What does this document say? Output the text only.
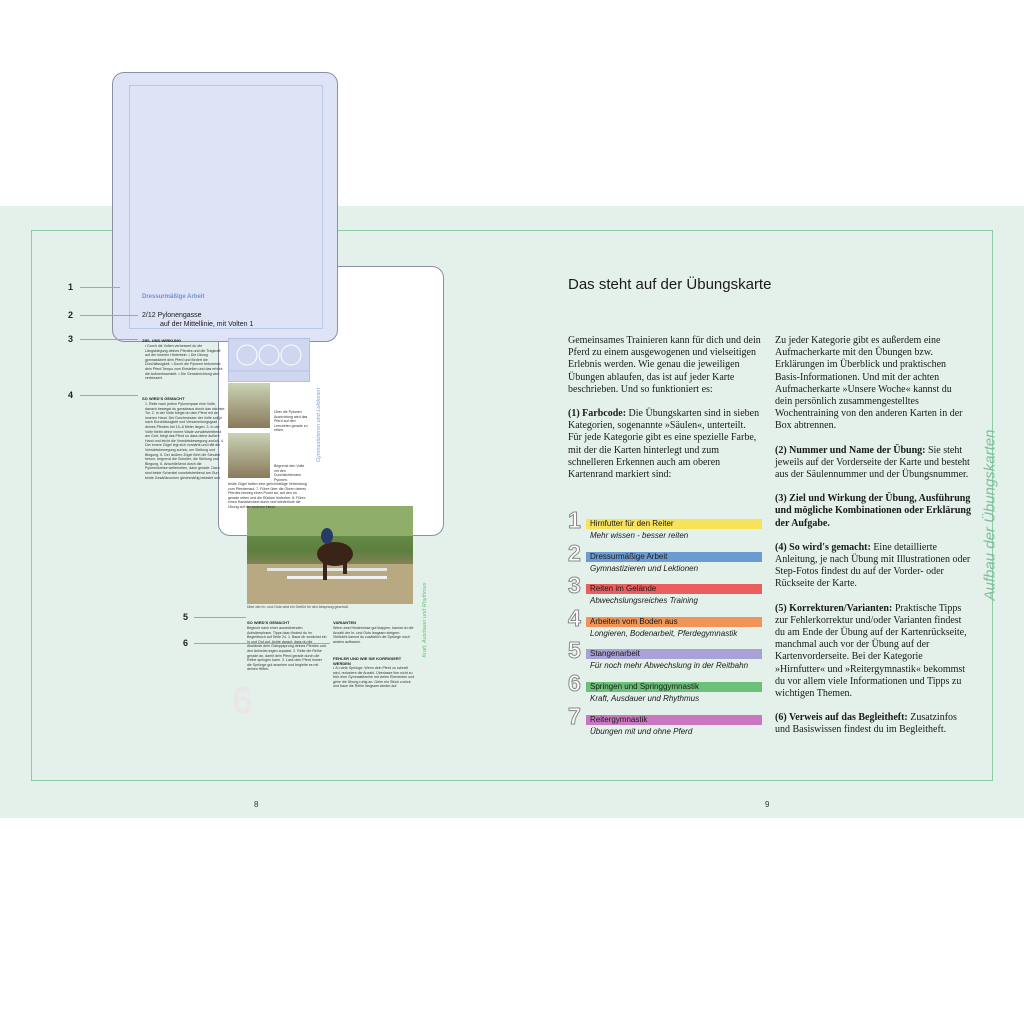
8	9
Aufbau der Übungskarten
Über den In- und Outs wird ein Gefühl für den Absprung geschult.
SO WIRD'S GEMACHT
Beginne nach einer ausreichenden Aufwärmphase. Tipps dazu findest du im Begleitbuch auf Seite 24. 1. Baue dir zunächst ein In und Out auf. Achte darauf, dass du die Abstände dem Galoppsprung deines Pferdes und den Anforderungen anpasst. 2. Reite die Reihe gerade an, damit dein Pferd gerade durch die Reihe springen kann. 3. Lass dein Pferd immer die Sprünge gut ansehen und begleite es mit deinen Hilfen.
VARIANTEN
Wenn zwei Hindernisse gut klappen, kannst du die Anzahl der In- und Outs langsam steigern. Vielleicht kannst du zusätzlich die Sprünge noch anders aufbauen.
FEHLER UND WIE SIE KORRIGIERT WERDEN
• Zu viele Sprünge: Wenn dein Pferd zu schnell wird, reduziere die Anzahl. Überlasse ihm nicht zu früh eine Gymnastikreihe mit vielen Elementen und gehe die Übung ruhig an. Gehe ein Stück zurück und baue die Reihe langsam wieder auf.
Kraft, Ausdauer und Rhythmus
6
Dressurmäßige Arbeit
2/12 Pylonengasse
auf der Mittellinie, mit Volten 1
ZIEL UND WIRKUNG
• Durch die Volten verbessert du die Längsbiegung deines Pferdes und die Tragkraft auf der inneren Hinterbein. • Die Übung gymnastiziert dein Pferd und fördert die Durchlässigkeit. • Durch die Pylonen bekommst dein Pferd Tempo zum Einstellen und das erhöht die Aufmerksamkeit. • Die Geraderichtung wird verbessert.
SO WIRD'S GEMACHT
1. Reite nach jedem Pylonenpaar eine Volte, danach bewegst du geradeaus durch das nächste Tor. 2. In der Volte biegst du dein Pferd mit der inneren Hand. Der Durchmesser der Volte soll je nach Durchlässigkeit und Versammlungsgrad deines Pferdes bei 10–6 Meter liegen. 3. In der Volte bleibt deine innere Wade vorwärtstreibend am Gurt, biegt das Pferd so dass deine äußere Hand und leicht die Vorwärtsbewegung zurück. 4. Der innere Zügel legt sich vorwärts und hält die Vorwärtsbewegung zurück, um Stellung und Biegung. 5. Der äußere Zügel führt die Schulter herum, begrenzt die Schulter, die Stellung und Biegung. 6. Anschließend durch die Pylonenkreise weiterreiten, dann gerade. Dazu sind beide Schenkel vorwärtstreibend am Gurt, beide Gesäßknochen gleichmäßig belastet und
beide Zügel halten eine gleichmäßige Verbindung zum Pferdemaul. 7. Führe über die Ohren deines Pferdes hinweg einen Punkt an, auf den du gerade reiten und die Rücken hinterher. 8. Führe einen Handwechsel durch und wiederhole die Übung auf der anderen Hand.
Über die Pylonen Ausrichtung wird das Pferd auf den Lernzielen gerade zu reiten.
Begrenzt den Volte mit den Durchsichtenden Pylonen.
Gymnastizieren und Lektionen
1
2
3
4
5
6
Das steht auf der Übungskarte

Gemeinsames Trainieren kann für dich und dein Pferd zu einem ausgewogenen und vielseitigen Erlebnis werden. Wie genau die jeweiligen Übungen ablaufen, das ist auf jeder Karte beschrieben. Und so funktioniert es:

(1) Farbcode: Die Übungskarten sind in sieben Kategorien, sogenannte »Säulen«, unterteilt. Für jede Kategorie gibt es eine spezielle Farbe, mit der die Karten hinterlegt und zum schnelleren Erkennen auch am oberen Kartenrand markiert sind:

1 Hirnfutter für den Reiter
Mehr wissen - besser reiten
2 Dressurmäßige Arbeit
Gymnastizieren und Lektionen
3 Reiten im Gelände
Abwechslungsreiches Training
4 Arbeiten vom Boden aus
Longieren, Bodenarbeit, Pferdegymnastik
5 Stangenarbeit
Für noch mehr Abwechslung in der Reitbahn
6 Springen und Springgymnastik
Kraft, Ausdauer und Rhythmus
7 Reitergymnastik
Übungen mit und ohne Pferd

Zu jeder Kategorie gibt es außerdem eine Aufmacherkarte mit den Übungen bzw. Erklärungen im Überblick und praktischen Basis-Informationen. Und mit der achten Aufmacherkarte »Unsere Woche« kannst du dein persönlich zusammengestelltes Wochentraining von den anderen Karten in der Box abtrennen.

(2) Nummer und Name der Übung: Sie steht jeweils auf der Vorderseite der Karte und besteht aus der Säulennummer und der Übungsnummer.

(3) Ziel und Wirkung der Übung, Ausführung und mögliche Kombinationen oder Erklärung der Aufgabe.

(4) So wird's gemacht: Eine detaillierte Anleitung, je nach Übung mit Illustrationen oder Step-Fotos findest du auf der Vorder- oder Rückseite der Karte.

(5) Korrekturen/Varianten: Praktische Tipps zur Fehlerkorrektur und/oder Varianten findest du am Ende der Übung auf der Kartenrückseite, manchmal auch vor der Übung auf der Kartenvorderseite. Bei der Kategorie »Hirnfutter« und »Reitergymnastik« bekommst du vor allem viele Informationen und Tipps zu wichtigen Themen.

(6) Verweis auf das Begleitheft: Zusatzinfos und Basiswissen findest du im Begleitheft.
